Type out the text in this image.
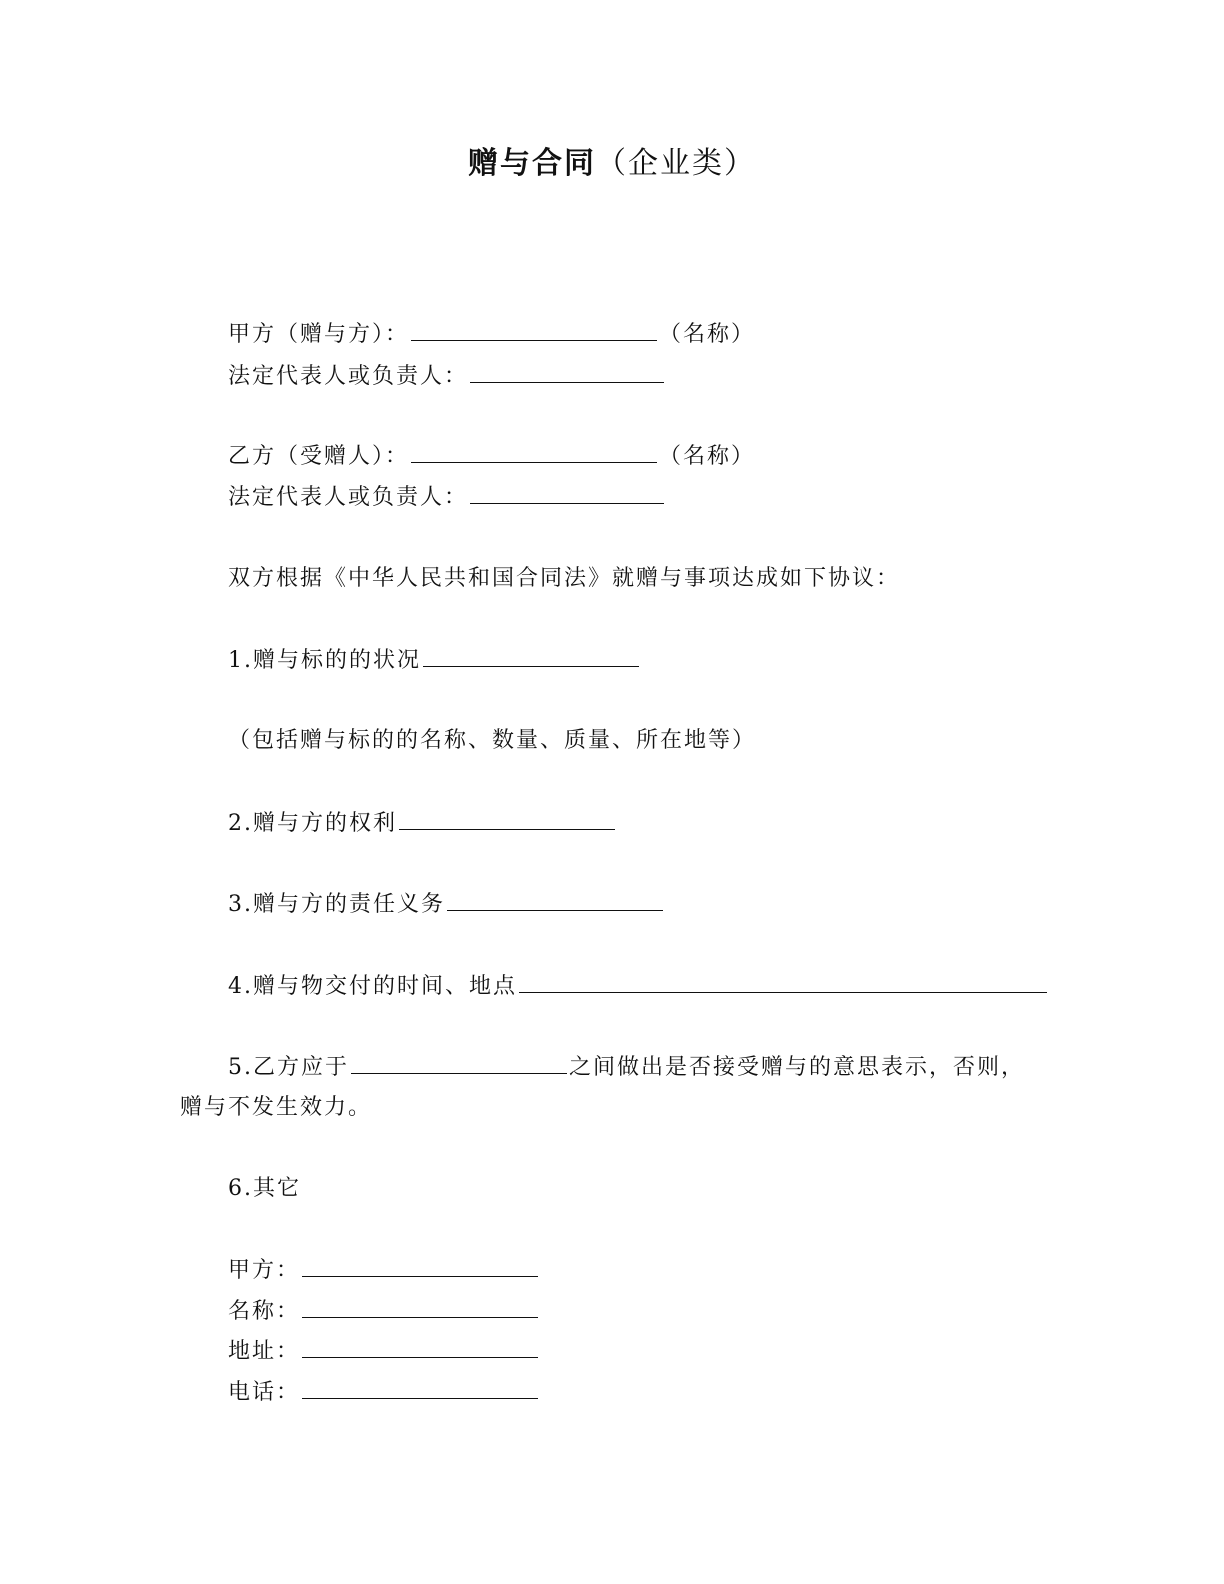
赠与合同（企业类）
甲方（赠与方）：	（名称）
法定代表人或负责人：
乙方（受赠人）：	（名称）
法定代表人或负责人：
双方根据《中华人民共和国合同法》就赠与事项达成如下协议：
1.赠与标的的状况
（包括赠与标的的名称、数量、质量、所在地等）
2.赠与方的权利
3.赠与方的责任义务
4.赠与物交付的时间、地点
5.乙方应于	之间做出是否接受赠与的意思表示，否则，
赠与不发生效力。
6.其它
甲方：
名称：
地址：
电话：
